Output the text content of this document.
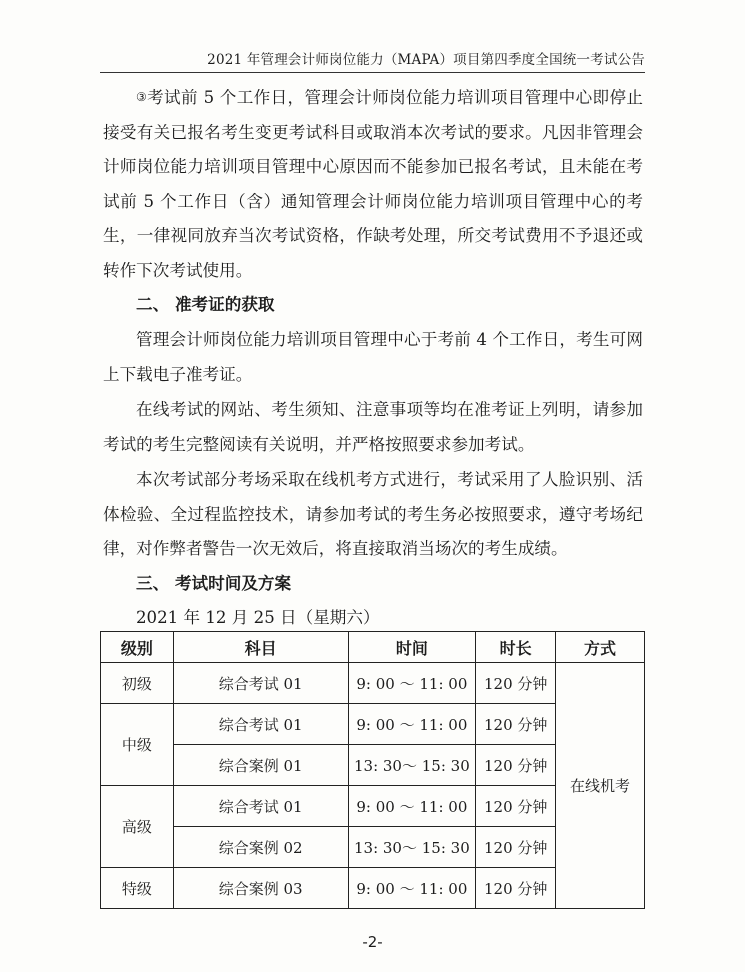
2021 年管理会计师岗位能力（MAPA）项目第四季度全国统一考试公告

③考试前 5 个工作日，管理会计师岗位能力培训项目管理中心即停止接受有关已报名考生变更考试科目或取消本次考试的要求。凡因非管理会计师岗位能力培训项目管理中心原因而不能参加已报名考试，且未能在考试前 5 个工作日（含）通知管理会计师岗位能力培训项目管理中心的考生，一律视同放弃当次考试资格，作缺考处理，所交考试费用不予退还或转作下次考试使用。

二、 准考证的获取

管理会计师岗位能力培训项目管理中心于考前 4 个工作日，考生可网上下载电子准考证。

在线考试的网站、考生须知、注意事项等均在准考证上列明，请参加考试的考生完整阅读有关说明，并严格按照要求参加考试。

本次考试部分考场采取在线机考方式进行，考试采用了人脸识别、活体检验、全过程监控技术，请参加考试的考生务必按照要求，遵守考场纪律，对作弊者警告一次无效后，将直接取消当场次的考生成绩。

三、 考试时间及方案
2021 年 12 月 25 日（星期六）
级别	科目	时间	时长	方式
初级	综合考试 01	9: 00 ～ 11: 00	120 分钟	在线机考
中级	综合考试 01	9: 00 ～ 11: 00	120 分钟	
	综合案例 01	13: 30～ 15: 30	120 分钟	
高级	综合考试 01	9: 00 ～ 11: 00	120 分钟	
	综合案例 02	13: 30～ 15: 30	120 分钟	
特级	综合案例 03	9: 00 ～ 11: 00	120 分钟	
-2-
